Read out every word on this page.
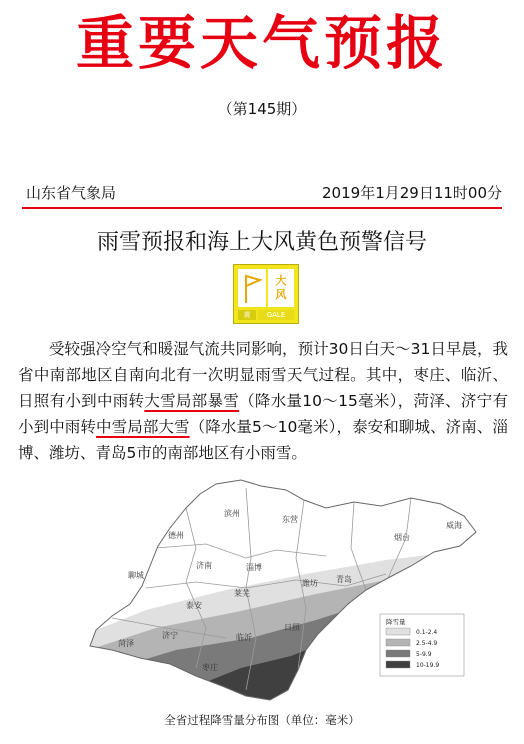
重要天气预报
（第145期）
山东省气象局	2019年1月29日11时00分
雨雪预报和海上大风黄色预警信号
大
风
黄	GALE
受较强冷空气和暖湿气流共同影响，预计30日白天～31日早晨，我省中南部地区自南向北有一次明显雨雪天气过程。其中，枣庄、临沂、日照有小到中雨转大雪局部暴雪（降水量10～15毫米），菏泽、济宁有小到中雨转中雪局部大雪（降水量5～10毫米），泰安和聊城、济南、淄博、潍坊、青岛5市的南部地区有小雨雪。
滨州
东营
烟台
威海
德州
济南	淄博
潍坊 青岛
聊城
泰安
济宁
菏泽
临沂
日照
枣庄
莱芜
降雪量
0.1-2.4
2.5-4.9
5-9.9
10-19.9
全省过程降雪量分布图（单位：毫米）
